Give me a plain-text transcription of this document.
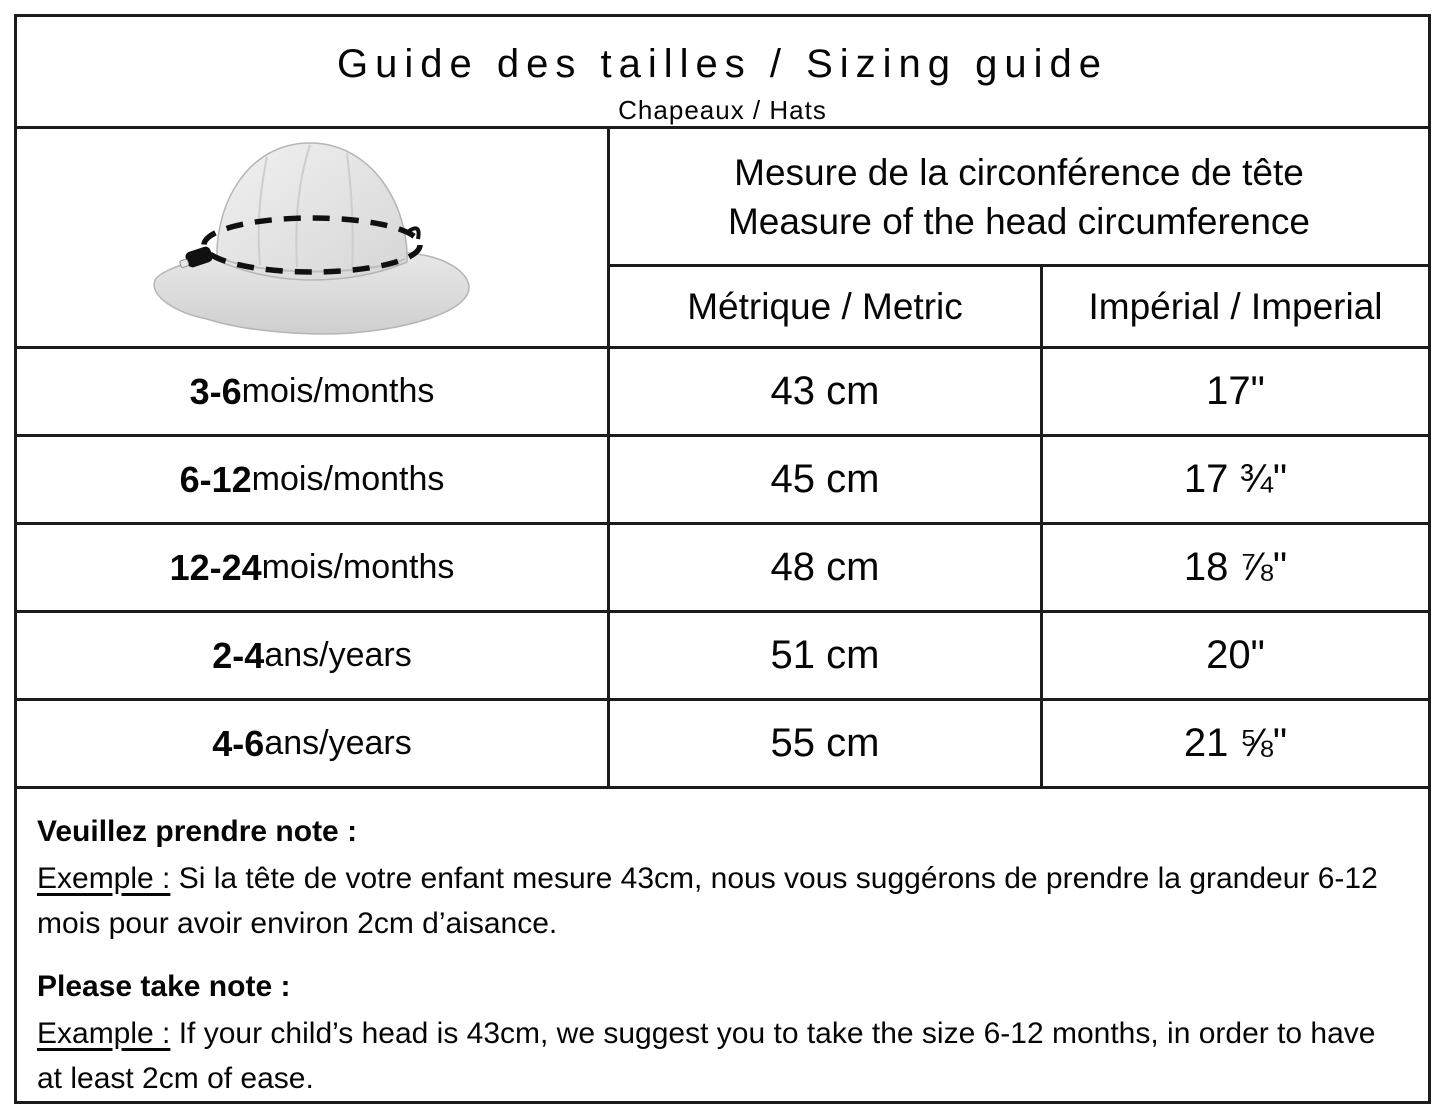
Guide des tailles / Sizing guide
Chapeaux / Hats
Mesure de la circonférence de tête
Measure of the head circumference
Métrique / Metric	Impérial / Imperial
3-6 mois/months	43 cm	17"
6-12 mois/months	45 cm	17 ¾"
12-24 mois/months	48 cm	18 ⅞"
2-4 ans/years	51 cm	20"
4-6 ans/years	55 cm	21 ⅝"
Veuillez prendre note :
Exemple : Si la tête de votre enfant mesure 43cm, nous vous suggérons de prendre la grandeur 6-12 mois pour avoir environ 2cm d’aisance.
Please take note :
Example : If your child’s head is 43cm, we suggest you to take the size 6-12 months, in order to have at least 2cm of ease.
